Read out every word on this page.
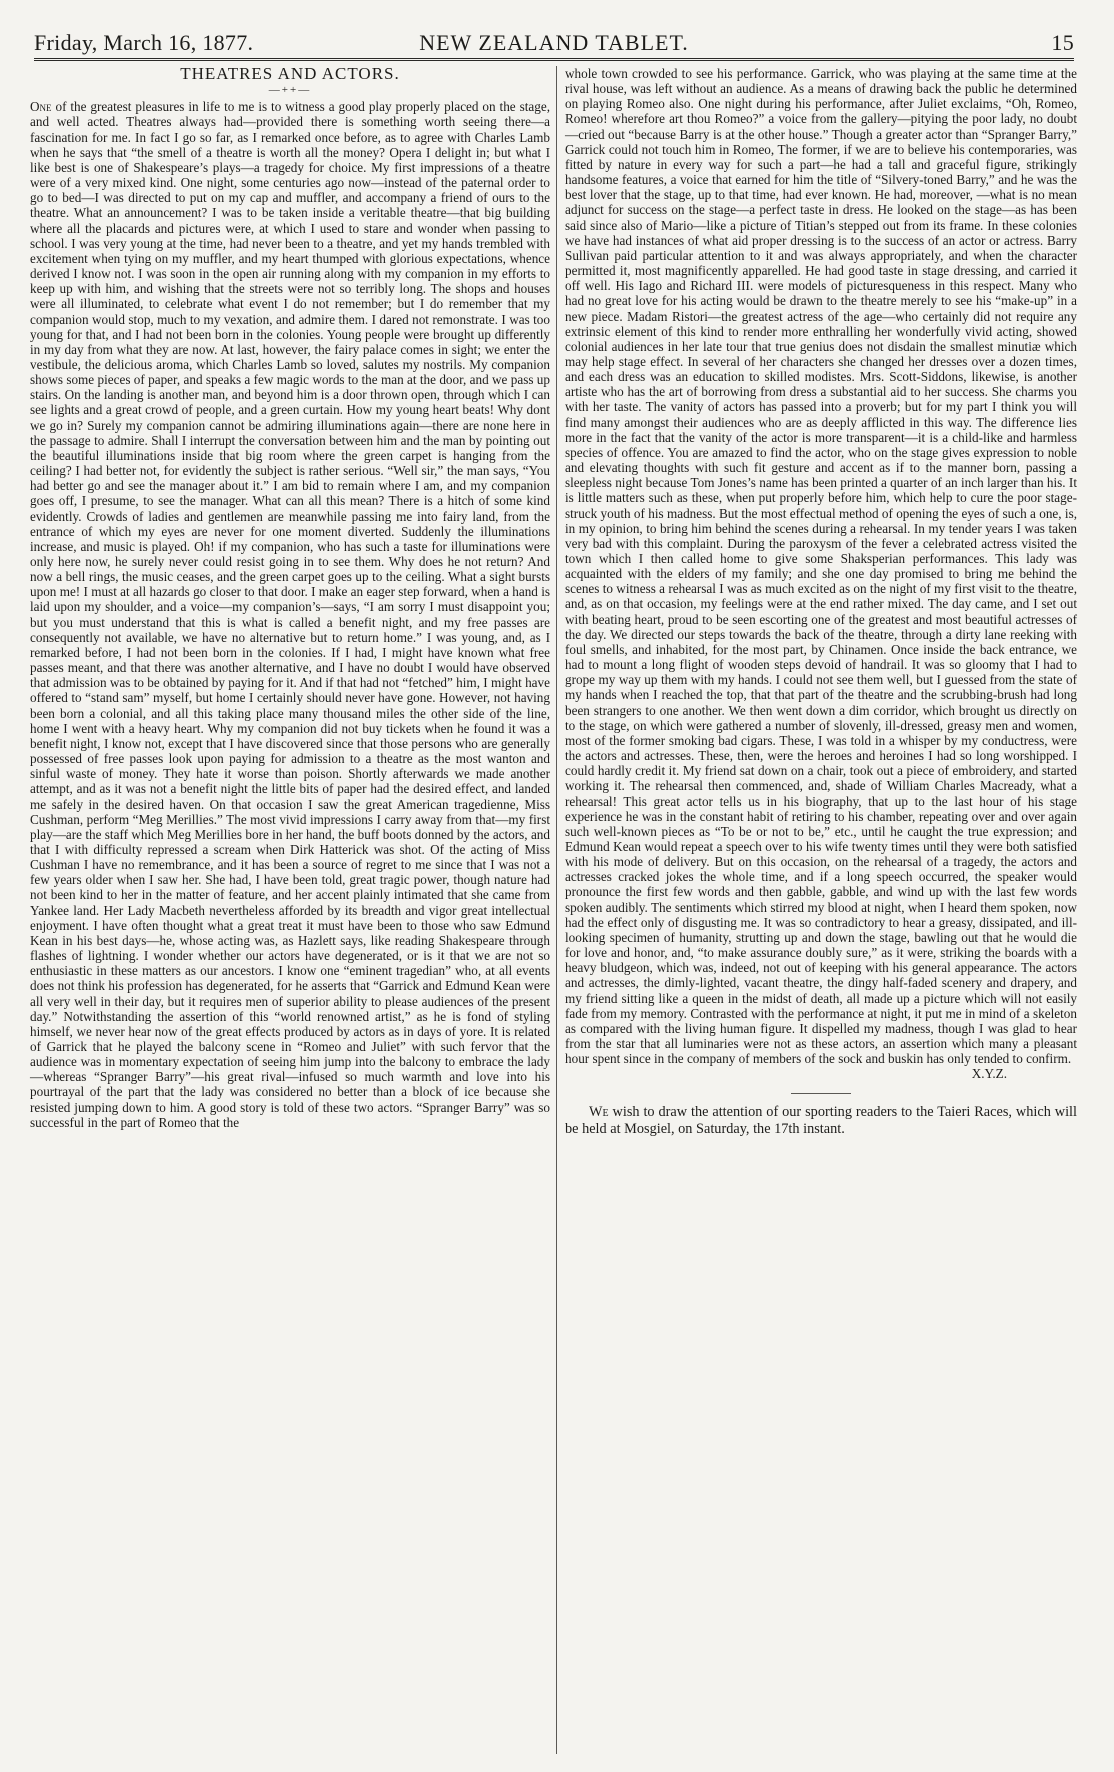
Friday, March 16, 1877.	NEW ZEALAND TABLET.	15
THEATRES AND ACTORS.
—++—

One of the greatest pleasures in life to me is to witness a good play properly placed on the stage, and well acted. Theatres always had—provided there is something worth seeing there—a fascination for me. In fact I go so far, as I remarked once before, as to agree with Charles Lamb when he says that “the smell of a theatre is worth all the money? Opera I delight in; but what I like best is one of Shakespeare’s plays—a tragedy for choice. My first impressions of a theatre were of a very mixed kind. One night, some centuries ago now—instead of the paternal order to go to bed—I was directed to put on my cap and muffler, and accompany a friend of ours to the theatre. What an announcement? I was to be taken inside a veritable theatre—that big building where all the placards and pictures were, at which I used to stare and wonder when passing to school. I was very young at the time, had never been to a theatre, and yet my hands trembled with excitement when tying on my muffler, and my heart thumped with glorious expectations, whence derived I know not. I was soon in the open air running along with my companion in my efforts to keep up with him, and wishing that the streets were not so terribly long. The shops and houses were all illuminated, to celebrate what event I do not remember; but I do remember that my companion would stop, much to my vexation, and admire them. I dared not remonstrate. I was too young for that, and I had not been born in the colonies. Young people were brought up differently in my day from what they are now. At last, however, the fairy palace comes in sight; we enter the vestibule, the delicious aroma, which Charles Lamb so loved, salutes my nostrils. My companion shows some pieces of paper, and speaks a few magic words to the man at the door, and we pass up stairs. On the landing is another man, and beyond him is a door thrown open, through which I can see lights and a great crowd of people, and a green curtain. How my young heart beats! Why dont we go in? Surely my companion cannot be admiring illuminations again—there are none here in the passage to admire. Shall I interrupt the conversation between him and the man by pointing out the beautiful illuminations inside that big room where the green carpet is hanging from the ceiling? I had better not, for evidently the subject is rather serious. “Well sir,” the man says, “You had better go and see the manager about it.” I am bid to remain where I am, and my companion goes off, I presume, to see the manager. What can all this mean? There is a hitch of some kind evidently. Crowds of ladies and gentlemen are meanwhile passing me into fairy land, from the entrance of which my eyes are never for one moment diverted. Suddenly the illuminations increase, and music is played. Oh! if my companion, who has such a taste for illuminations were only here now, he surely never could resist going in to see them. Why does he not return? And now a bell rings, the music ceases, and the green carpet goes up to the ceiling. What a sight bursts upon me! I must at all hazards go closer to that door. I make an eager step forward, when a hand is laid upon my shoulder, and a voice—my companion’s—says, “I am sorry I must disappoint you; but you must understand that this is what is called a benefit night, and my free passes are consequently not available, we have no alternative but to return home.” I was young, and, as I remarked before, I had not been born in the colonies. If I had, I might have known what free passes meant, and that there was another alternative, and I have no doubt I would have observed that admission was to be obtained by paying for it. And if that had not “fetched” him, I might have offered to “stand sam” myself, but home I certainly should never have gone. However, not having been born a colonial, and all this taking place many thousand miles the other side of the line, home I went with a heavy heart. Why my companion did not buy tickets when he found it was a benefit night, I know not, except that I have discovered since that those persons who are generally possessed of free passes look upon paying for admission to a theatre as the most wanton and sinful waste of money. They hate it worse than poison. Shortly afterwards we made another attempt, and as it was not a benefit night the little bits of paper had the desired effect, and landed me safely in the desired haven. On that occasion I saw the great American tragedienne, Miss Cushman, perform “Meg Merillies.” The most vivid impressions I carry away from that—my first play—are the staff which Meg Merillies bore in her hand, the buff boots donned by the actors, and that I with difficulty repressed a scream when Dirk Hatterick was shot. Of the acting of Miss Cushman I have no remembrance, and it has been a source of regret to me since that I was not a few years older when I saw her. She had, I have been told, great tragic power, though nature had not been kind to her in the matter of feature, and her accent plainly intimated that she came from Yankee land. Her Lady Macbeth nevertheless afforded by its breadth and vigor great intellectual enjoyment. I have often thought what a great treat it must have been to those who saw Edmund Kean in his best days—he, whose acting was, as Hazlett says, like reading Shakespeare through flashes of lightning. I wonder whether our actors have degenerated, or is it that we are not so enthusiastic in these matters as our ancestors. I know one “eminent tragedian” who, at all events does not think his profession has degenerated, for he asserts that “Garrick and Edmund Kean were all very well in their day, but it requires men of superior ability to please audiences of the present day.” Notwithstanding the assertion of this “world renowned artist,” as he is fond of styling himself, we never hear now of the great effects produced by actors as in days of yore. It is related of Garrick that he played the balcony scene in “Romeo and Juliet” with such fervor that the audience was in momentary expectation of seeing him jump into the balcony to embrace the lady—whereas “Spranger Barry”—his great rival—infused so much warmth and love into his pourtrayal of the part that the lady was considered no better than a block of ice because she resisted jumping down to him. A good story is told of these two actors. “Spranger Barry” was so successful in the part of Romeo that the

whole town crowded to see his performance. Garrick, who was playing at the same time at the rival house, was left without an audience. As a means of drawing back the public he determined on playing Romeo also. One night during his performance, after Juliet exclaims, “Oh, Romeo, Romeo! wherefore art thou Romeo?” a voice from the gallery—pitying the poor lady, no doubt—cried out “because Barry is at the other house.” Though a greater actor than “Spranger Barry,” Garrick could not touch him in Romeo, The former, if we are to believe his contemporaries, was fitted by nature in every way for such a part—he had a tall and graceful figure, strikingly handsome features, a voice that earned for him the title of “Silvery-toned Barry,” and he was the best lover that the stage, up to that time, had ever known. He had, moreover, —what is no mean adjunct for success on the stage—a perfect taste in dress. He looked on the stage—as has been said since also of Mario—like a picture of Titian’s stepped out from its frame. In these colonies we have had instances of what aid proper dressing is to the success of an actor or actress. Barry Sullivan paid particular attention to it and was always appropriately, and when the character permitted it, most magnificently apparelled. He had good taste in stage dressing, and carried it off well. His Iago and Richard III. were models of picturesqueness in this respect. Many who had no great love for his acting would be drawn to the theatre merely to see his “make-up” in a new piece. Madam Ristori—the greatest actress of the age—who certainly did not require any extrinsic element of this kind to render more enthralling her wonderfully vivid acting, showed colonial audiences in her late tour that true genius does not disdain the smallest minutiæ which may help stage effect. In several of her characters she changed her dresses over a dozen times, and each dress was an education to skilled modistes. Mrs. Scott-Siddons, likewise, is another artiste who has the art of borrowing from dress a substantial aid to her success. She charms you with her taste. The vanity of actors has passed into a proverb; but for my part I think you will find many amongst their audiences who are as deeply afflicted in this way. The difference lies more in the fact that the vanity of the actor is more transparent—it is a child-like and harmless species of offence. You are amazed to find the actor, who on the stage gives expression to noble and elevating thoughts with such fit gesture and accent as if to the manner born, passing a sleepless night because Tom Jones’s name has been printed a quarter of an inch larger than his. It is little matters such as these, when put properly before him, which help to cure the poor stage-struck youth of his madness. But the most effectual method of opening the eyes of such a one, is, in my opinion, to bring him behind the scenes during a rehearsal. In my tender years I was taken very bad with this complaint. During the paroxysm of the fever a celebrated actress visited the town which I then called home to give some Shaksperian performances. This lady was acquainted with the elders of my family; and she one day promised to bring me behind the scenes to witness a rehearsal I was as much excited as on the night of my first visit to the theatre, and, as on that occasion, my feelings were at the end rather mixed. The day came, and I set out with beating heart, proud to be seen escorting one of the greatest and most beautiful actresses of the day. We directed our steps towards the back of the theatre, through a dirty lane reeking with foul smells, and inhabited, for the most part, by Chinamen. Once inside the back entrance, we had to mount a long flight of wooden steps devoid of handrail. It was so gloomy that I had to grope my way up them with my hands. I could not see them well, but I guessed from the state of my hands when I reached the top, that that part of the theatre and the scrubbing-brush had long been strangers to one another. We then went down a dim corridor, which brought us directly on to the stage, on which were gathered a number of slovenly, ill-dressed, greasy men and women, most of the former smoking bad cigars. These, I was told in a whisper by my conductress, were the actors and actresses. These, then, were the heroes and heroines I had so long worshipped. I could hardly credit it. My friend sat down on a chair, took out a piece of embroidery, and started working it. The rehearsal then commenced, and, shade of William Charles Macready, what a rehearsal! This great actor tells us in his biography, that up to the last hour of his stage experience he was in the constant habit of retiring to his chamber, repeating over and over again such well-known pieces as “To be or not to be,” etc., until he caught the true expression; and Edmund Kean would repeat a speech over to his wife twenty times until they were both satisfied with his mode of delivery. But on this occasion, on the rehearsal of a tragedy, the actors and actresses cracked jokes the whole time, and if a long speech occurred, the speaker would pronounce the first few words and then gabble, gabble, and wind up with the last few words spoken audibly. The sentiments which stirred my blood at night, when I heard them spoken, now had the effect only of disgusting me. It was so contradictory to hear a greasy, dissipated, and ill-looking specimen of humanity, strutting up and down the stage, bawling out that he would die for love and honor, and, “to make assurance doubly sure,” as it were, striking the boards with a heavy bludgeon, which was, indeed, not out of keeping with his general appearance. The actors and actresses, the dimly-lighted, vacant theatre, the dingy half-faded scenery and drapery, and my friend sitting like a queen in the midst of death, all made up a picture which will not easily fade from my memory. Contrasted with the performance at night, it put me in mind of a skeleton as compared with the living human figure. It dispelled my madness, though I was glad to hear from the star that all luminaries were not as these actors, an assertion which many a pleasant hour spent since in the company of members of the sock and buskin has only tended to confirm.

X.Y.Z.

We wish to draw the attention of our sporting readers to the Taieri Races, which will be held at Mosgiel, on Saturday, the 17th instant.
